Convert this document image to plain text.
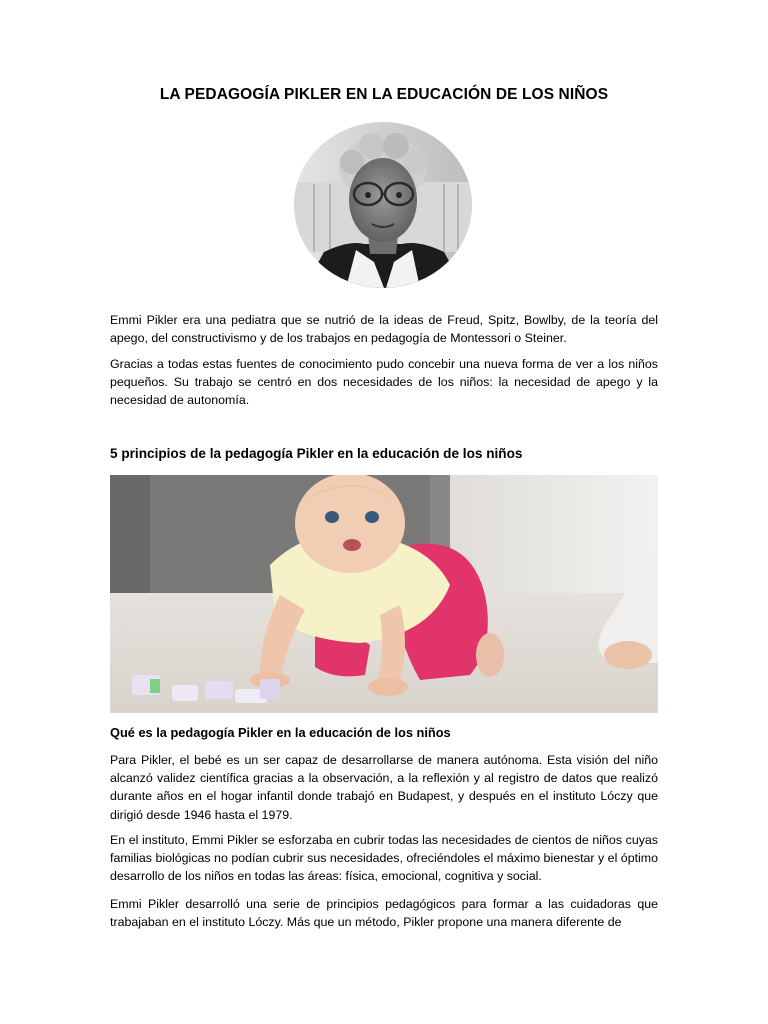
LA PEDAGOGÍA PIKLER EN LA EDUCACIÓN DE LOS NIÑOS

Emmi Pikler era una pediatra que se nutrió de la ideas de Freud, Spitz, Bowlby, de la teoría del apego, del constructivismo y de los trabajos en pedagogía de Montessori o Steiner.

Gracias a todas estas fuentes de conocimiento pudo concebir una nueva forma de ver a los niños pequeños. Su trabajo se centró en dos necesidades de los niños: la necesidad de apego y la necesidad de autonomía.

5 principios de la pedagogía Pikler en la educación de los niños
Qué es la pedagogía Pikler en la educación de los niños

Para Pikler, el bebé es un ser capaz de desarrollarse de manera autónoma. Esta visión del niño alcanzó validez científica gracias a la observación, a la reflexión y al registro de datos que realizó durante años en el hogar infantil donde trabajó en Budapest, y después en el instituto Lóczy que dirigió desde 1946 hasta el 1979.

En el instituto, Emmi Pikler se esforzaba en cubrir todas las necesidades de cientos de niños cuyas familias biológicas no podían cubrir sus necesidades, ofreciéndoles el máximo bienestar y el óptimo desarrollo de los niños en todas las áreas: física, emocional, cognitiva y social.

Emmi Pikler desarrolló una serie de principios pedagógicos para formar a las cuidadoras que trabajaban en el instituto Lóczy. Más que un método, Pikler propone una manera diferente de
